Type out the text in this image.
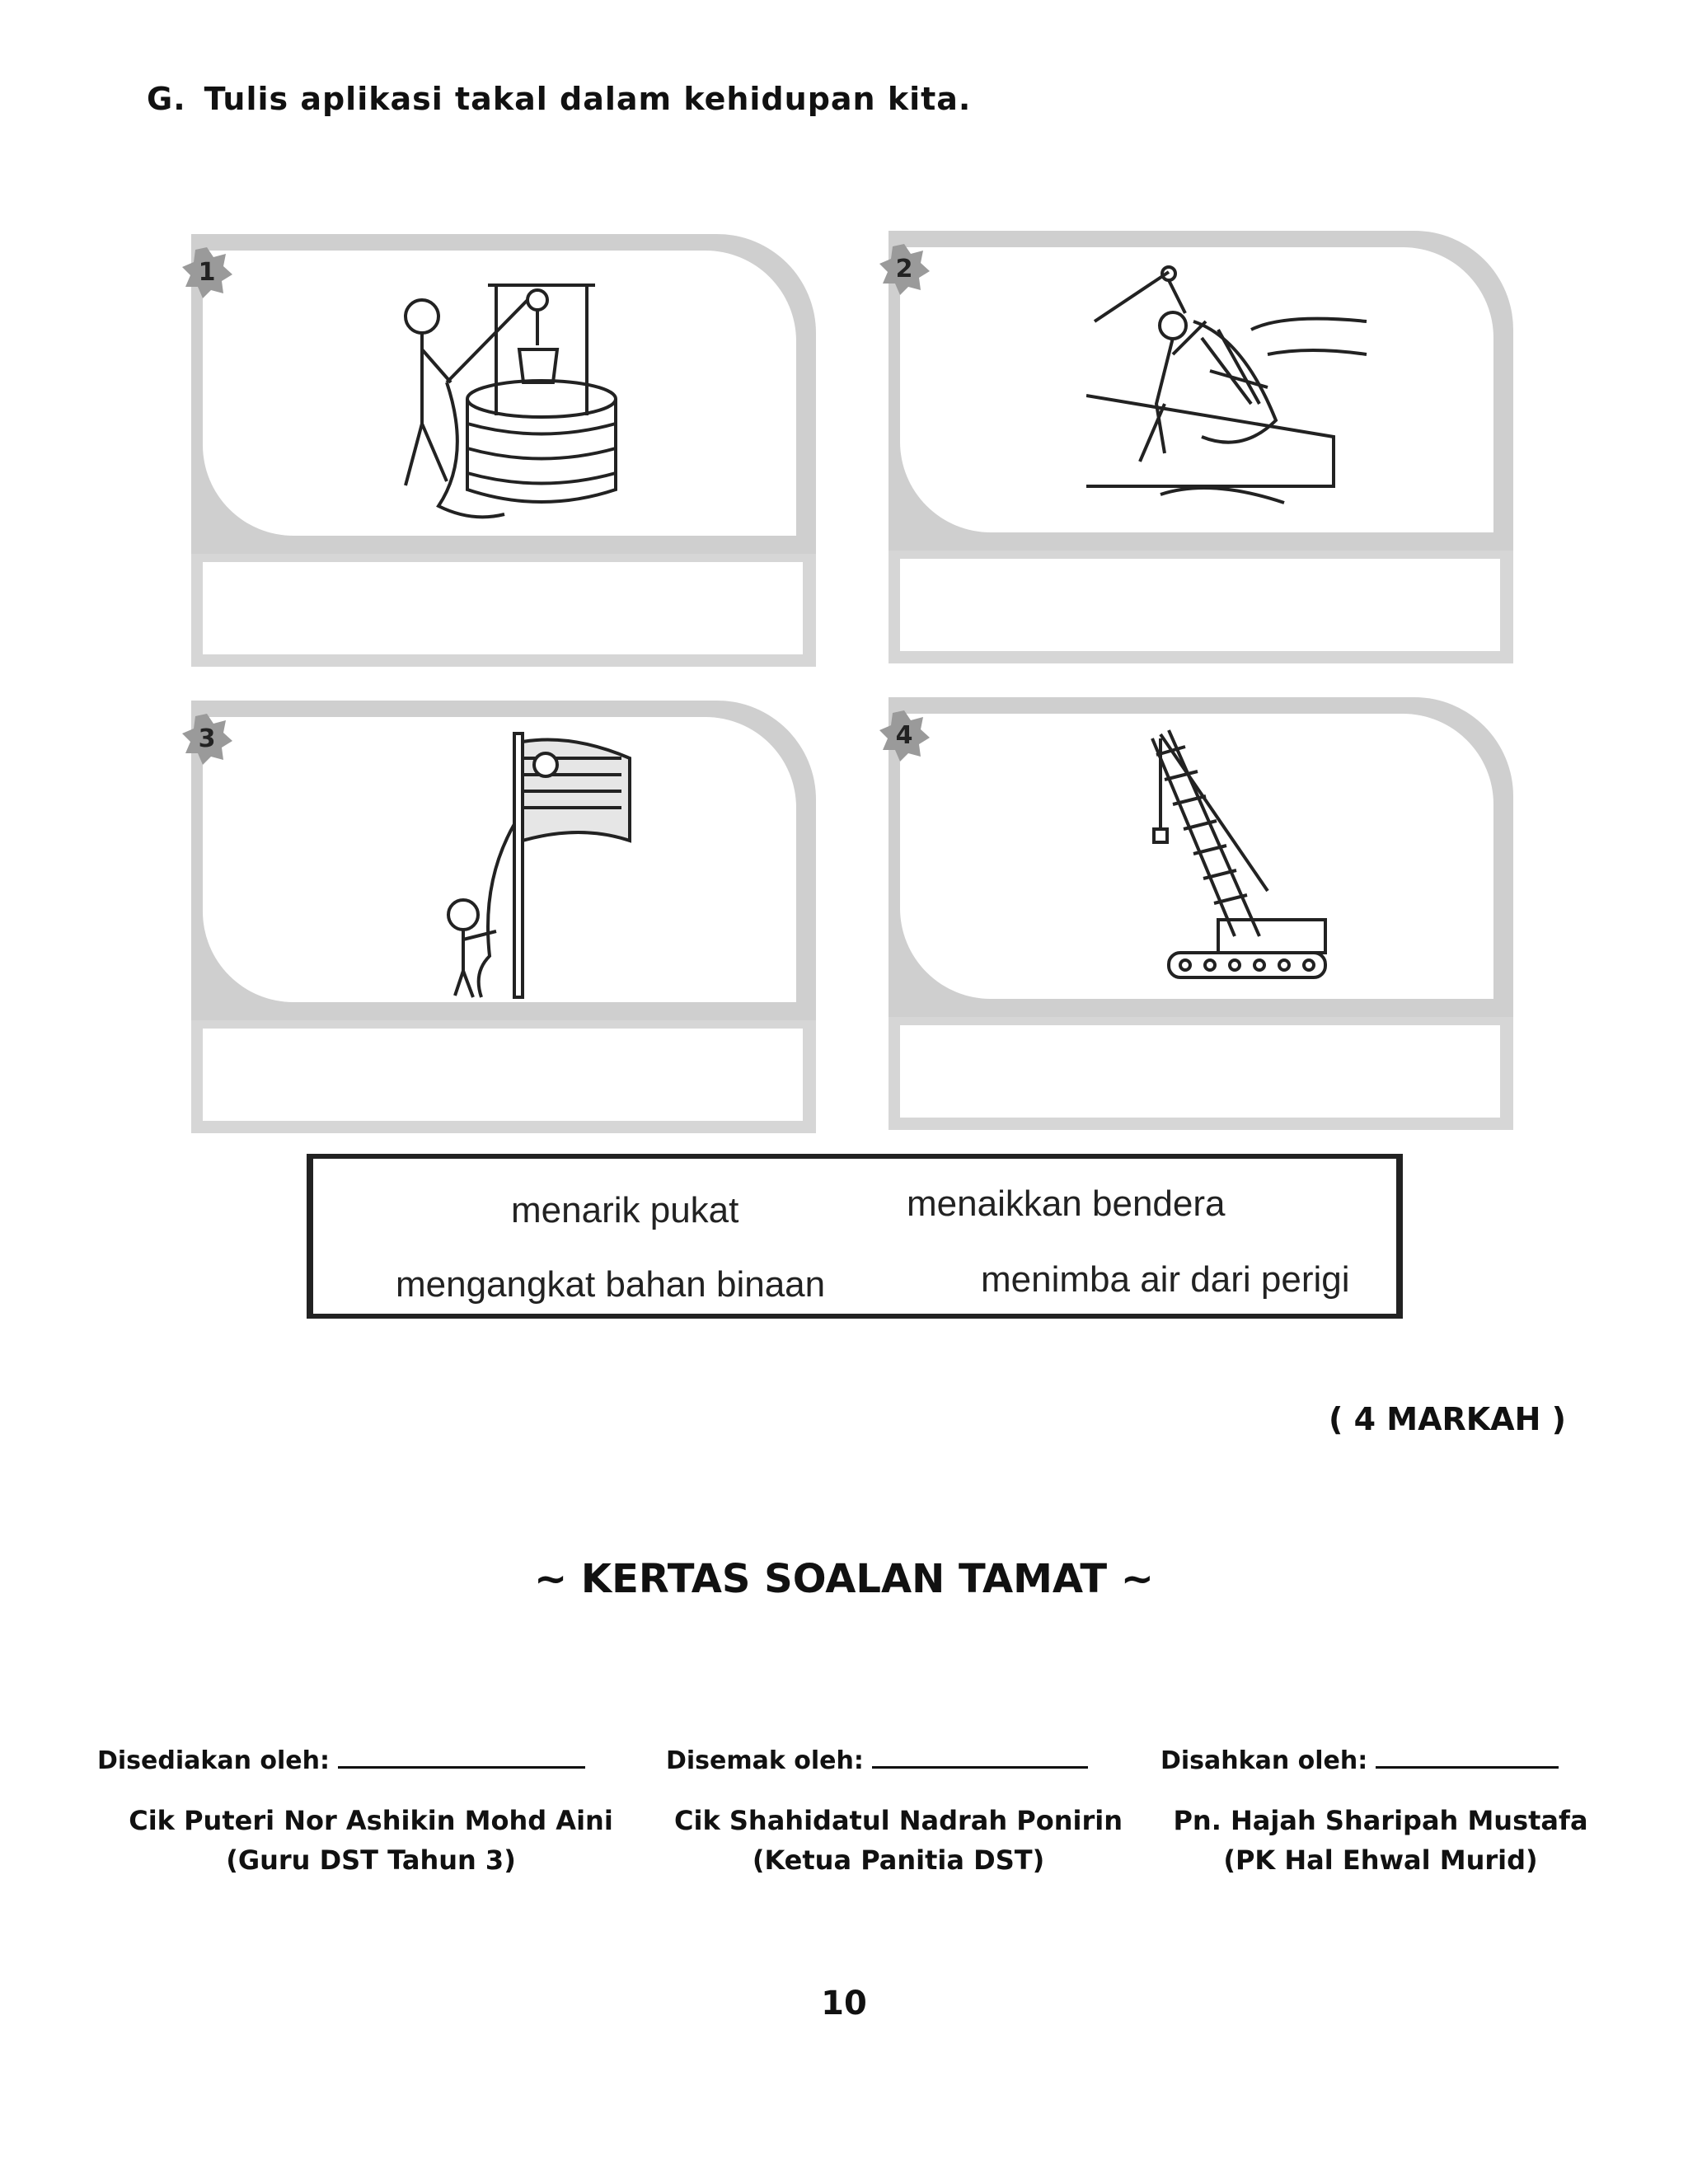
G. Tulis aplikasi takal dalam kehidupan kita.
1	2
3	4
menarik pukat	menaikkan bendera
mengangkat bahan binaan	menimba air dari perigi
( 4 MARKAH )
~ KERTAS SOALAN TAMAT ~
Disediakan oleh:	Disemak oleh:	Disahkan oleh:
Cik Puteri Nor Ashikin Mohd Aini
(Guru DST Tahun 3)
Cik Shahidatul Nadrah Ponirin
(Ketua Panitia DST)
Pn. Hajah Sharipah Mustafa
(PK Hal Ehwal Murid)
10
